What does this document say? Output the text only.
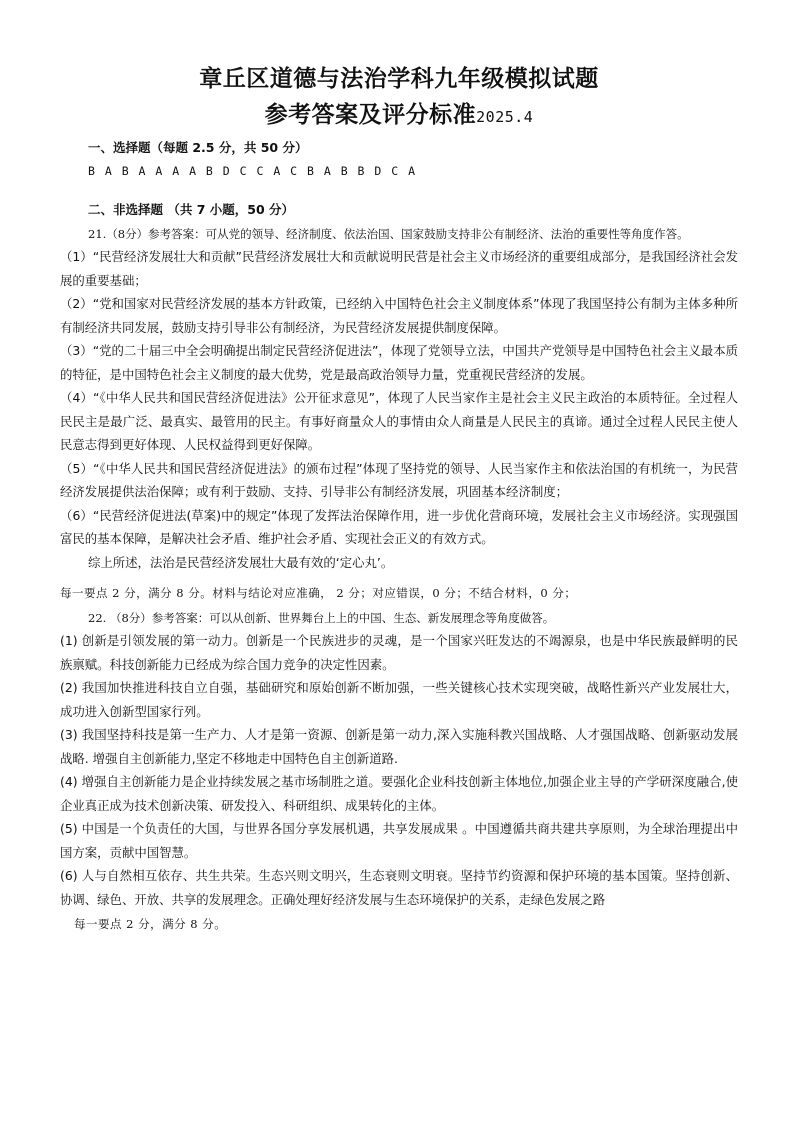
章丘区道德与法治学科九年级模拟试题
参考答案及评分标准2025.4
一、选择题（每题 2.5 分，共 50 分）
B A B A A A A B D C C A C B A B B D C A
二、非选择题 （共 7 小题，50 分）
21.（8分）参考答案：可从党的领导、经济制度、依法治国、国家鼓励支持非公有制经济、法治的重要性等角度作答。

（1）“民营经济发展壮大和贡献”民营经济发展壮大和贡献说明民营是社会主义市场经济的重要组成部分，是我国经济社会发展的重要基础；

（2）“党和国家对民营经济发展的基本方针政策，已经纳入中国特色社会主义制度体系”体现了我国坚持公有制为主体多种所有制经济共同发展，鼓励支持引导非公有制经济，为民营经济发展提供制度保障。

（3）“党的二十届三中全会明确提出制定民营经济促进法”，体现了党领导立法，中国共产党领导是中国特色社会主义最本质的特征，是中国特色社会主义制度的最大优势，党是最高政治领导力量，党重视民营经济的发展。

（4）“《中华人民共和国民营经济促进法》公开征求意见”，体现了人民当家作主是社会主义民主政治的本质特征。全过程人民民主是最广泛、最真实、最管用的民主。有事好商量众人的事情由众人商量是人民民主的真谛。通过全过程人民民主使人民意志得到更好体现、人民权益得到更好保障。

（5）“《中华人民共和国民营经济促进法》的颁布过程”体现了坚持党的领导、人民当家作主和依法治国的有机统一，为民营经济发展提供法治保障；或有利于鼓励、支持、引导非公有制经济发展，巩固基本经济制度；

（6）“民营经济促进法(草案)中的规定”体现了发挥法治保障作用，进一步优化营商环境，发展社会主义市场经济。实现强国富民的基本保障，是解决社会矛盾、维护社会矛盾、实现社会正义的有效方式。

综上所述，法治是民营经济发展壮大最有效的‘定心丸’。

每一要点 2 分，满分 8 分。材料与结论对应准确， 2 分；对应错误，0 分；不结合材料，0 分；
22. （8分）参考答案：可以从创新、世界舞台上上的中国、生态、新发展理念等角度做答。

(1) 创新是引领发展的第一动力。创新是一个民族进步的灵魂，是一个国家兴旺发达的不竭源泉，也是中华民族最鲜明的民族禀赋。科技创新能力已经成为综合国力竞争的决定性因素。

(2) 我国加快推进科技自立自强，基础研究和原始创新不断加强，一些关键核心技术实现突破，战略性新兴产业发展壮大，成功进入创新型国家行列。

(3) 我国坚持科技是第一生产力、人才是第一资源、创新是第一动力,深入实施科教兴国战略、人才强国战略、创新驱动发展战略. 增强自主创新能力,坚定不移地走中国特色自主创新道路.

(4) 增强自主创新能力是企业持续发展之基市场制胜之道。要强化企业科技创新主体地位,加强企业主导的产学研深度融合,使企业真正成为技术创新决策、研发投入、科研组织、成果转化的主体。

(5) 中国是一个负责任的大国，与世界各国分享发展机遇，共享发展成果 。中国遵循共商共建共享原则，为全球治理提出中国方案，贡献中国智慧。

(6) 人与自然相互依存、共生共荣。生态兴则文明兴，生态衰则文明衰。坚持节约资源和保护环境的基本国策。坚持创新、协调、绿色、开放、共享的发展理念。正确处理好经济发展与生态环境保护的关系，走绿色发展之路

每一要点 2 分，满分 8 分。
